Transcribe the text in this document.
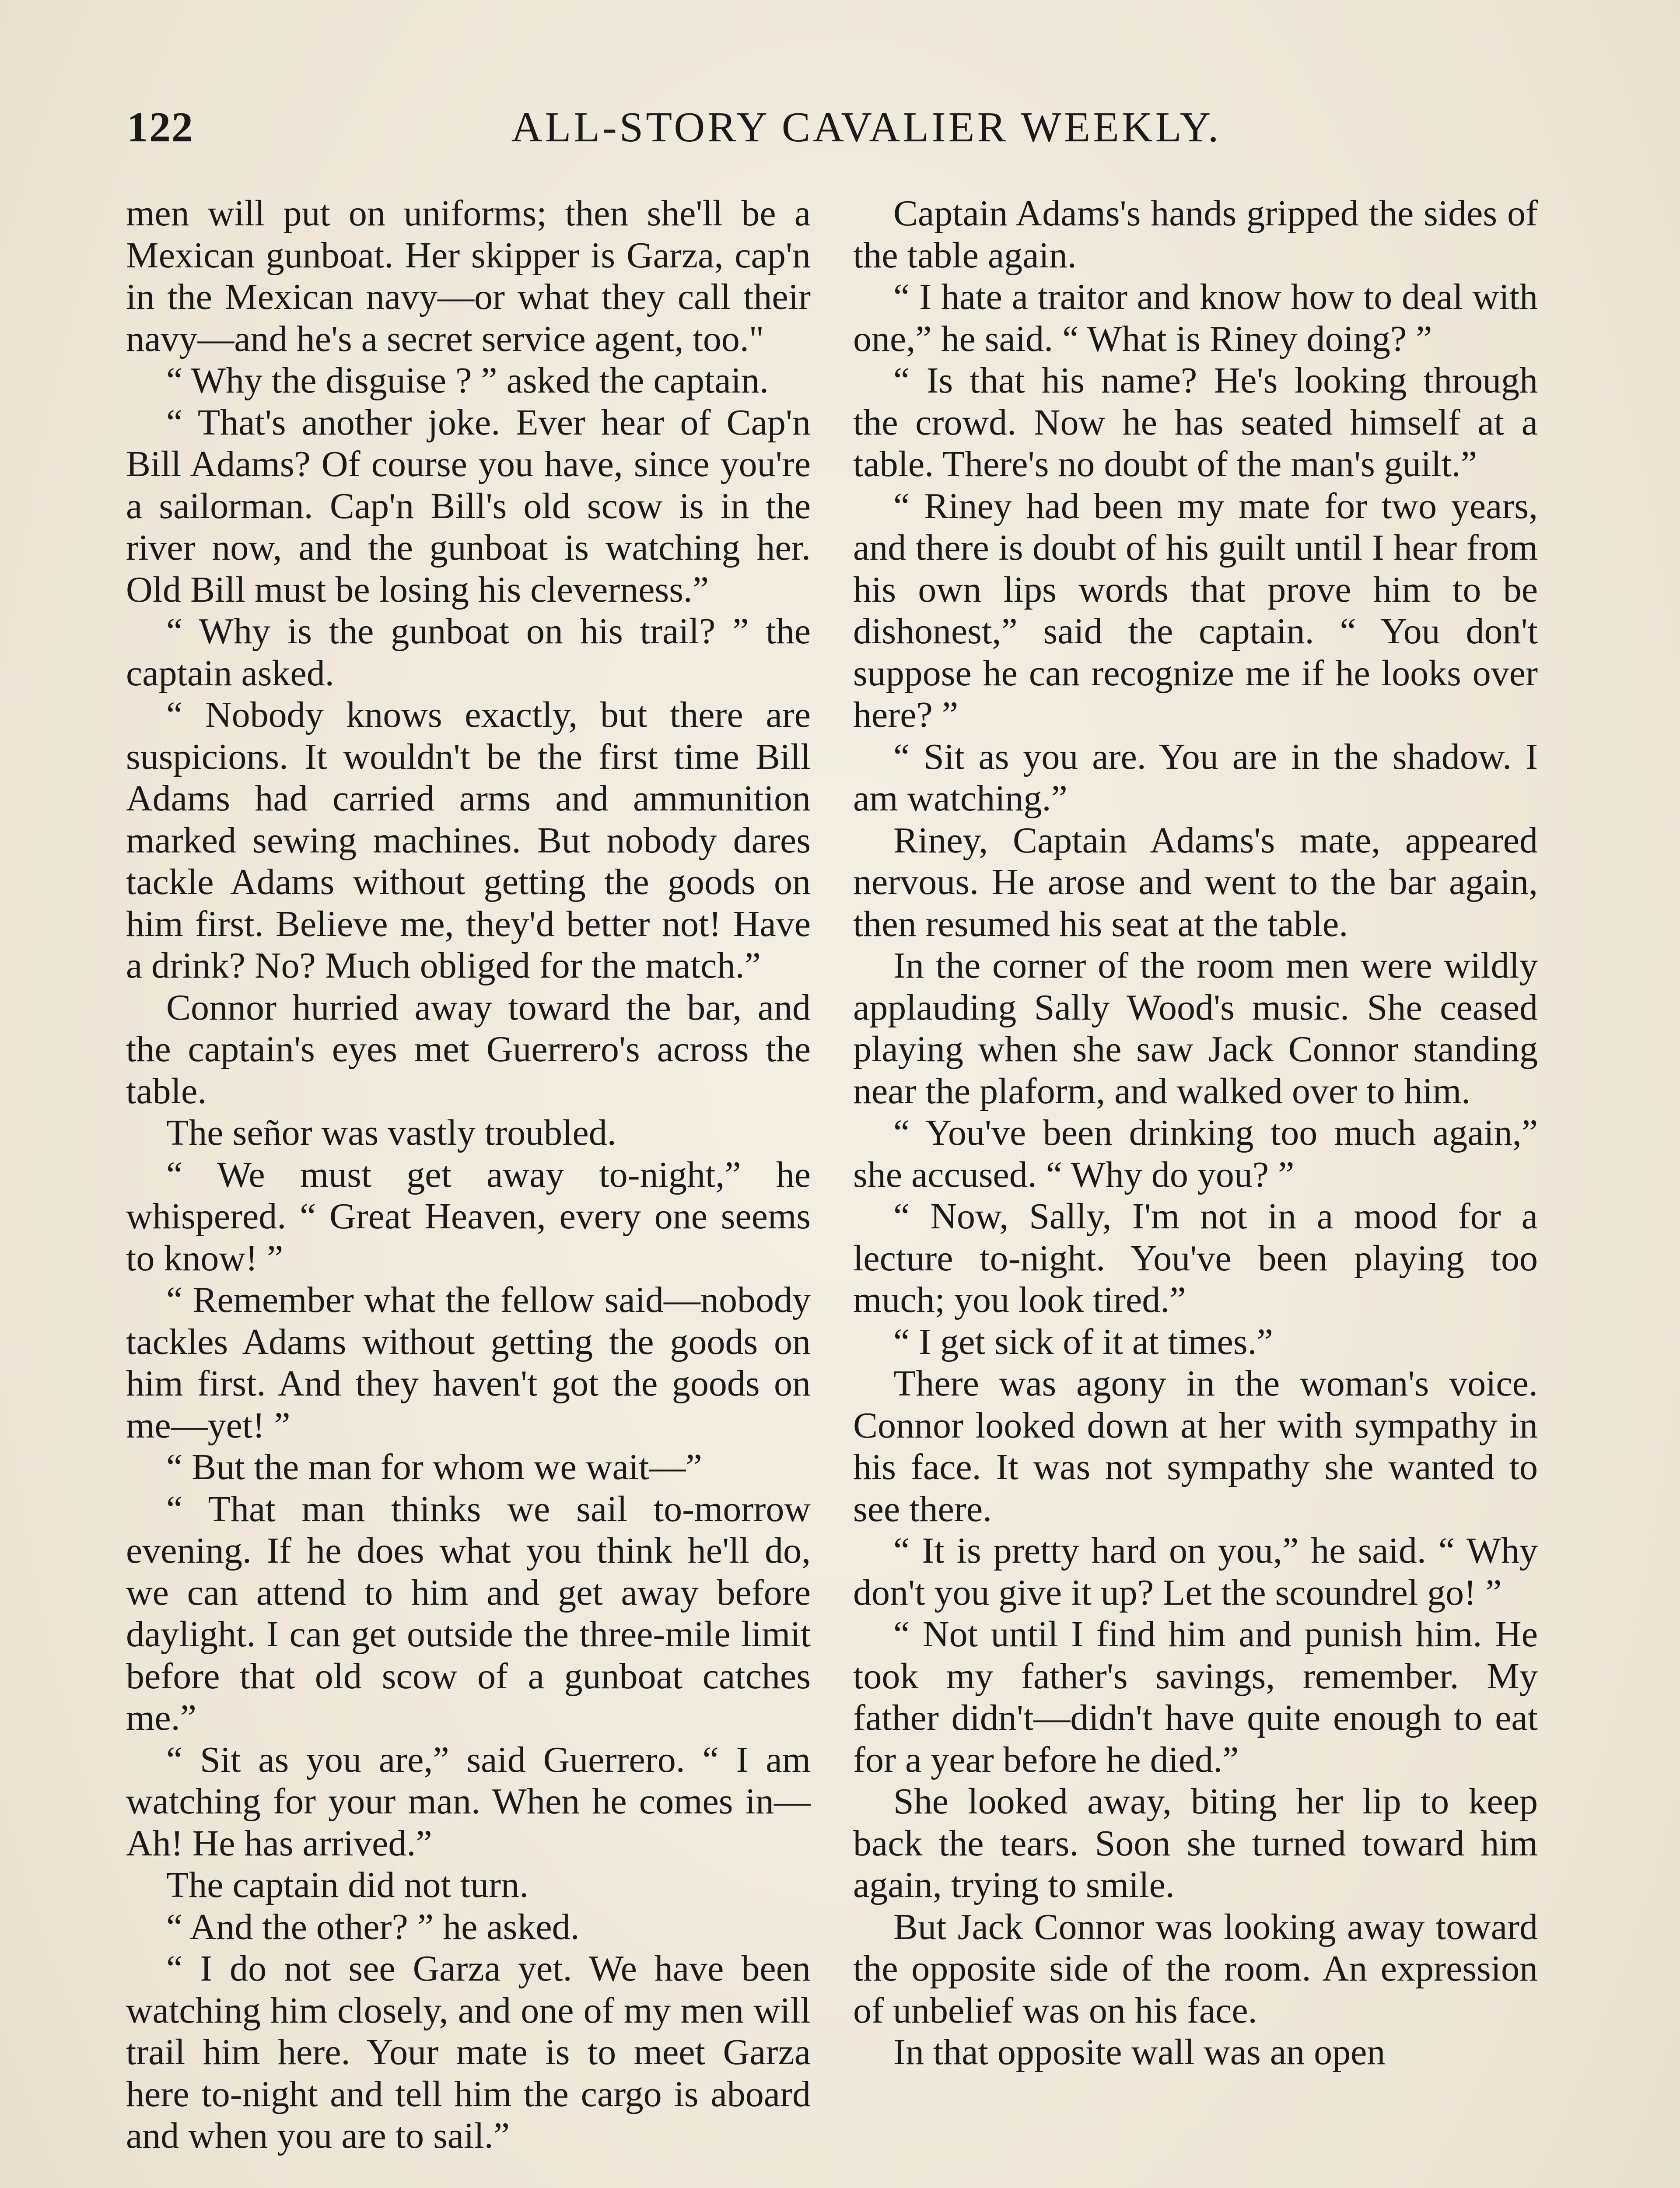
122	ALL-STORY CAVALIER WEEKLY.

men will put on uniforms; then she'll be a Mexican gunboat. Her skipper is Garza, cap'n in the Mexican navy—or what they call their navy—and he's a secret service agent, too."

“ Why the disguise ? ” asked the captain.

“ That's another joke. Ever hear of Cap'n Bill Adams? Of course you have, since you're a sailorman. Cap'n Bill's old scow is in the river now, and the gunboat is watching her. Old Bill must be losing his cleverness.”

“ Why is the gunboat on his trail? ” the captain asked.

“ Nobody knows exactly, but there are suspicions. It wouldn't be the first time Bill Adams had carried arms and ammunition marked sewing machines. But nobody dares tackle Adams without getting the goods on him first. Believe me, they'd better not! Have a drink? No? Much obliged for the match.”

Connor hurried away toward the bar, and the captain's eyes met Guerrero's across the table.

The señor was vastly troubled.

“ We must get away to-night,” he whispered. “ Great Heaven, every one seems to know! ”

“ Remember what the fellow said—nobody tackles Adams without getting the goods on him first. And they haven't got the goods on me—yet! ”

“ But the man for whom we wait—”

“ That man thinks we sail to-morrow evening. If he does what you think he'll do, we can attend to him and get away before daylight. I can get outside the three-mile limit before that old scow of a gunboat catches me.”

“ Sit as you are,” said Guerrero. “ I am watching for your man. When he comes in— Ah! He has arrived.”

The captain did not turn.

“ And the other? ” he asked.

“ I do not see Garza yet. We have been watching him closely, and one of my men will trail him here. Your mate is to meet Garza here to-night and tell him the cargo is aboard and when you are to sail.”

Captain Adams's hands gripped the sides of the table again.

“ I hate a traitor and know how to deal with one,” he said. “ What is Riney doing? ”

“ Is that his name? He's looking through the crowd. Now he has seated himself at a table. There's no doubt of the man's guilt.”

“ Riney had been my mate for two years, and there is doubt of his guilt until I hear from his own lips words that prove him to be dishonest,” said the captain. “ You don't suppose he can recognize me if he looks over here? ”

“ Sit as you are. You are in the shadow. I am watching.”

Riney, Captain Adams's mate, appeared nervous. He arose and went to the bar again, then resumed his seat at the table.

In the corner of the room men were wildly applauding Sally Wood's music. She ceased playing when she saw Jack Connor standing near the plaform, and walked over to him.

“ You've been drinking too much again,” she accused. “ Why do you? ”

“ Now, Sally, I'm not in a mood for a lecture to-night. You've been playing too much; you look tired.”

“ I get sick of it at times.”

There was agony in the woman's voice. Connor looked down at her with sympathy in his face. It was not sympathy she wanted to see there.

“ It is pretty hard on you,” he said. “ Why don't you give it up? Let the scoundrel go! ”

“ Not until I find him and punish him. He took my father's savings, remember. My father didn't—didn't have quite enough to eat for a year before he died.”

She looked away, biting her lip to keep back the tears. Soon she turned toward him again, trying to smile.

But Jack Connor was looking away toward the opposite side of the room. An expression of unbelief was on his face.

In that opposite wall was an open
